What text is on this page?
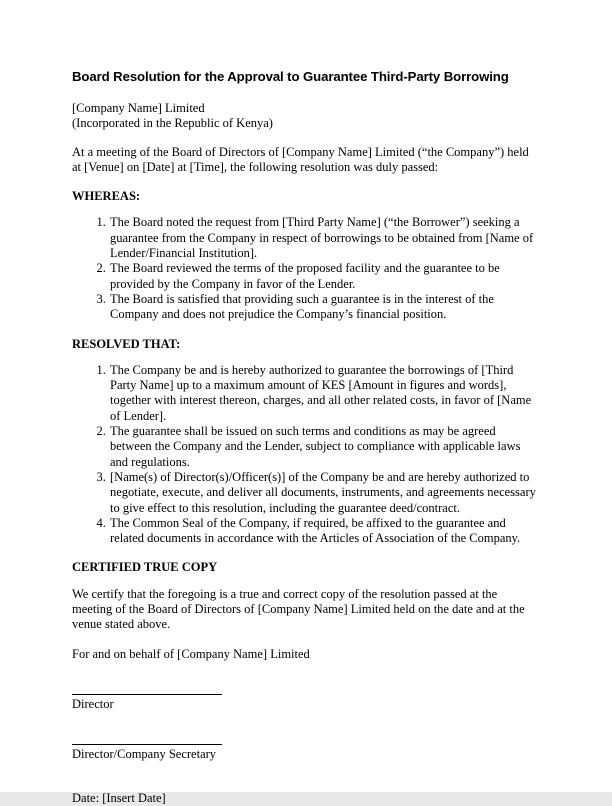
Board Resolution for the Approval to Guarantee Third-Party Borrowing
[Company Name] Limited
(Incorporated in the Republic of Kenya)

At a meeting of the Board of Directors of [Company Name] Limited (“the Company”) held at [Venue] on [Date] at [Time], the following resolution was duly passed:

WHEREAS:

1. The Board noted the request from [Third Party Name] (“the Borrower”) seeking a guarantee from the Company in respect of borrowings to be obtained from [Name of Lender/Financial Institution].
2. The Board reviewed the terms of the proposed facility and the guarantee to be provided by the Company in favor of the Lender.
3. The Board is satisfied that providing such a guarantee is in the interest of the Company and does not prejudice the Company’s financial position.

RESOLVED THAT:

1. The Company be and is hereby authorized to guarantee the borrowings of [Third Party Name] up to a maximum amount of KES [Amount in figures and words], together with interest thereon, charges, and all other related costs, in favor of [Name of Lender].
2. The guarantee shall be issued on such terms and conditions as may be agreed between the Company and the Lender, subject to compliance with applicable laws and regulations.
3. [Name(s) of Director(s)/Officer(s)] of the Company be and are hereby authorized to negotiate, execute, and deliver all documents, instruments, and agreements necessary to give effect to this resolution, including the guarantee deed/contract.
4. The Common Seal of the Company, if required, be affixed to the guarantee and related documents in accordance with the Articles of Association of the Company.

CERTIFIED TRUE COPY

We certify that the foregoing is a true and correct copy of the resolution passed at the meeting of the Board of Directors of [Company Name] Limited held on the date and at the venue stated above.

For and on behalf of [Company Name] Limited

Director

Director/Company Secretary

Date: [Insert Date]
